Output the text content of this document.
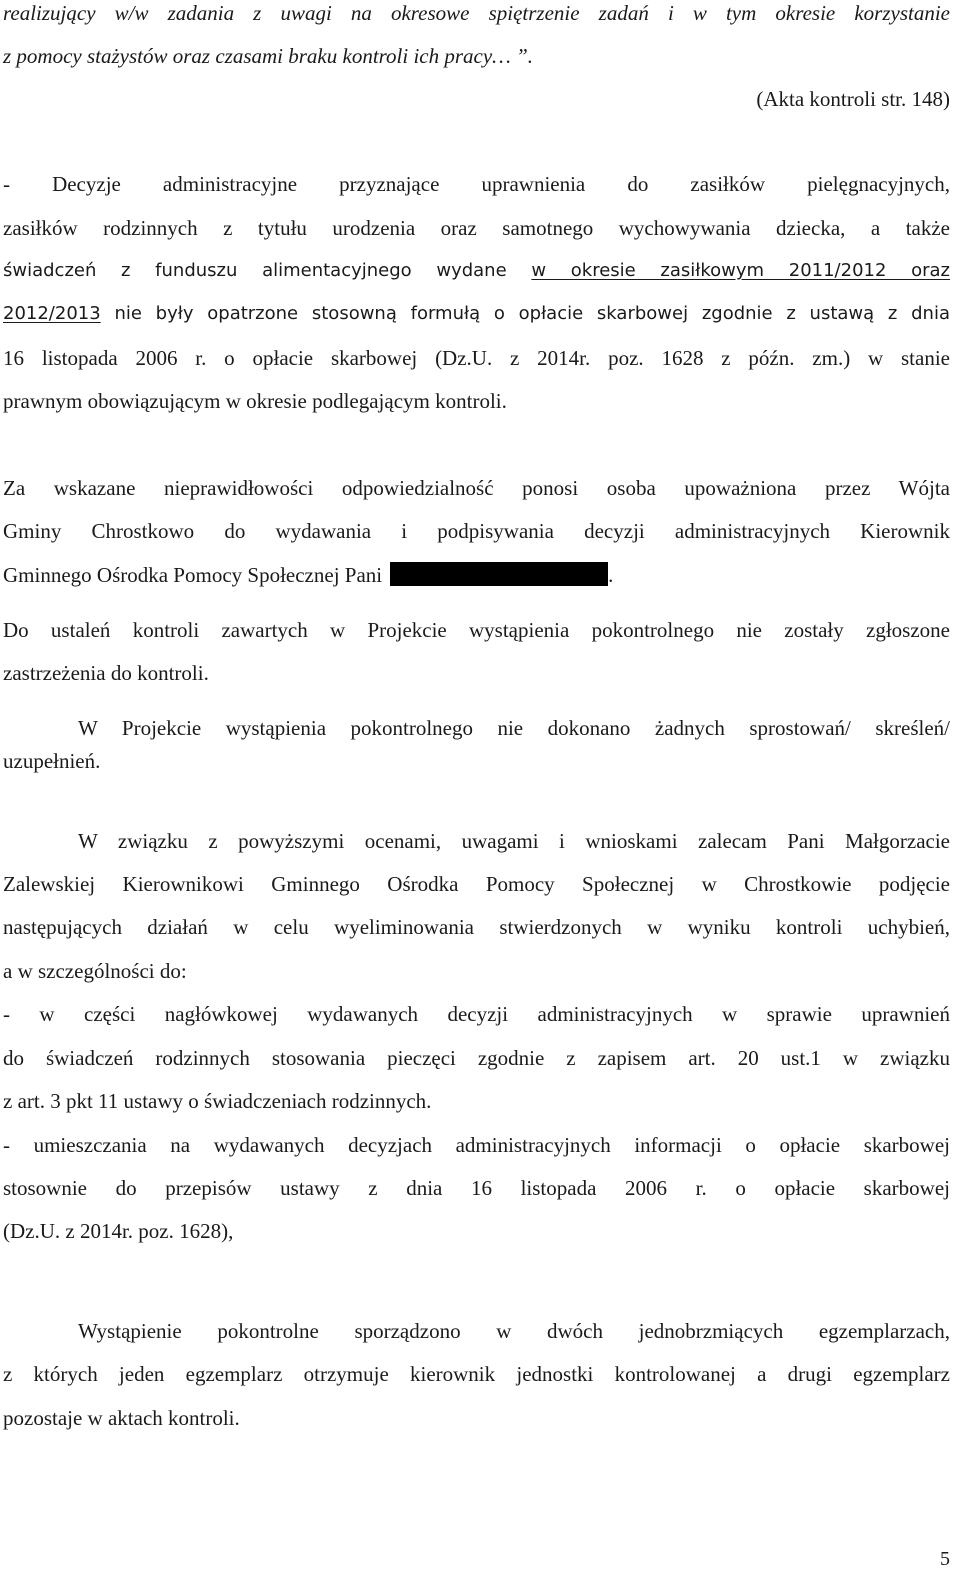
realizujący w/w zadania z uwagi na okresowe spiętrzenie zadań i w tym okresie korzystanie
z pomocy stażystów oraz czasami braku kontroli ich pracy… ”.
(Akta kontroli str. 148)
- Decyzje administracyjne przyznające uprawnienia do zasiłków pielęgnacyjnych,
zasiłków rodzinnych z tytułu urodzenia oraz samotnego wychowywania dziecka, a także
świadczeń z funduszu alimentacyjnego wydane w okresie zasiłkowym 2011/2012 oraz
2012/2013 nie były opatrzone stosowną formułą o opłacie skarbowej zgodnie z ustawą z dnia
16 listopada 2006 r. o opłacie skarbowej (Dz.U. z 2014r. poz. 1628 z późn. zm.) w stanie
prawnym obowiązującym w okresie podlegającym kontroli.
Za wskazane nieprawidłowości odpowiedzialność ponosi osoba upoważniona przez Wójta
Gminy Chrostkowo do wydawania i podpisywania decyzji administracyjnych Kierownik
Gminnego Ośrodka Pomocy Społecznej Pani	.
Do ustaleń kontroli zawartych w Projekcie wystąpienia pokontrolnego nie zostały zgłoszone
zastrzeżenia do kontroli.
W Projekcie wystąpienia pokontrolnego nie dokonano żadnych sprostowań/ skreśleń/
uzupełnień.
W związku z powyższymi ocenami, uwagami i wnioskami zalecam Pani Małgorzacie
Zalewskiej Kierownikowi Gminnego Ośrodka Pomocy Społecznej w Chrostkowie podjęcie
następujących działań w celu wyeliminowania stwierdzonych w wyniku kontroli uchybień,
a w szczególności do:
- w części nagłówkowej wydawanych decyzji administracyjnych w sprawie uprawnień
do świadczeń rodzinnych stosowania pieczęci zgodnie z zapisem art. 20 ust.1 w związku
z art. 3 pkt 11 ustawy o świadczeniach rodzinnych.
- umieszczania na wydawanych decyzjach administracyjnych informacji o opłacie skarbowej
stosownie do przepisów ustawy z dnia 16 listopada 2006 r. o opłacie skarbowej
(Dz.U. z 2014r. poz. 1628),
Wystąpienie pokontrolne sporządzono w dwóch jednobrzmiących egzemplarzach,
z których jeden egzemplarz otrzymuje kierownik jednostki kontrolowanej a drugi egzemplarz
pozostaje w aktach kontroli.
5
